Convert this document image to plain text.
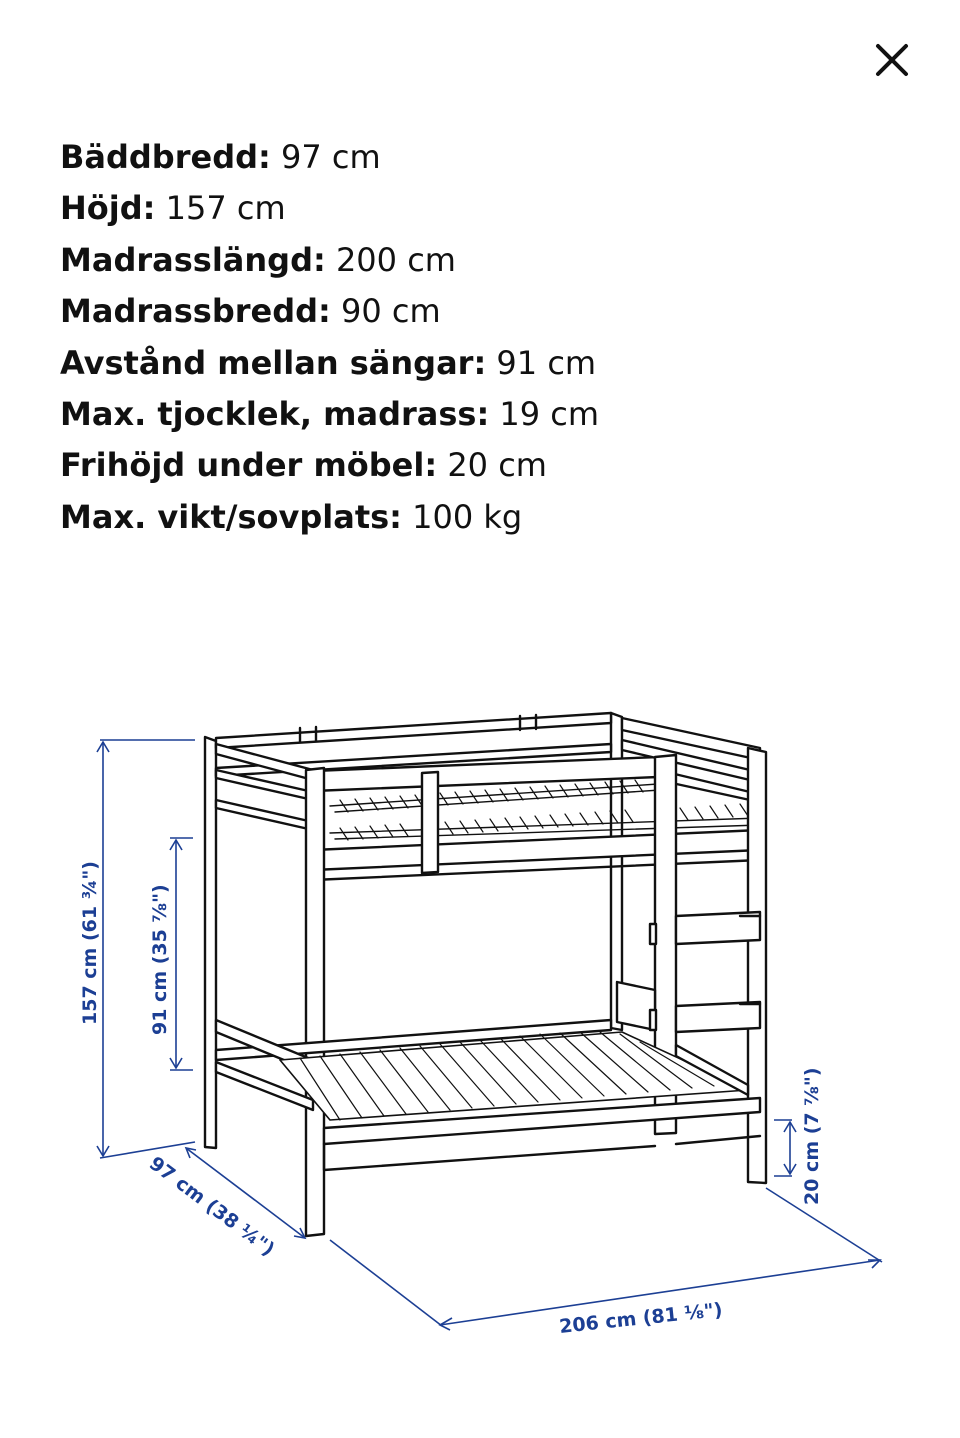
Bäddbredd: 97 cm
Höjd: 157 cm
Madrasslängd: 200 cm
Madrassbredd: 90 cm
Avstånd mellan sängar: 91 cm
Max. tjocklek, madrass: 19 cm
Frihöjd under möbel: 20 cm
Max. vikt/sovplats: 100 kg
157 cm (61 ¾")	91 cm (35 ⅞")
97 cm (38 ¼")
206 cm (81 ⅛")
20 cm (7 ⅞")
